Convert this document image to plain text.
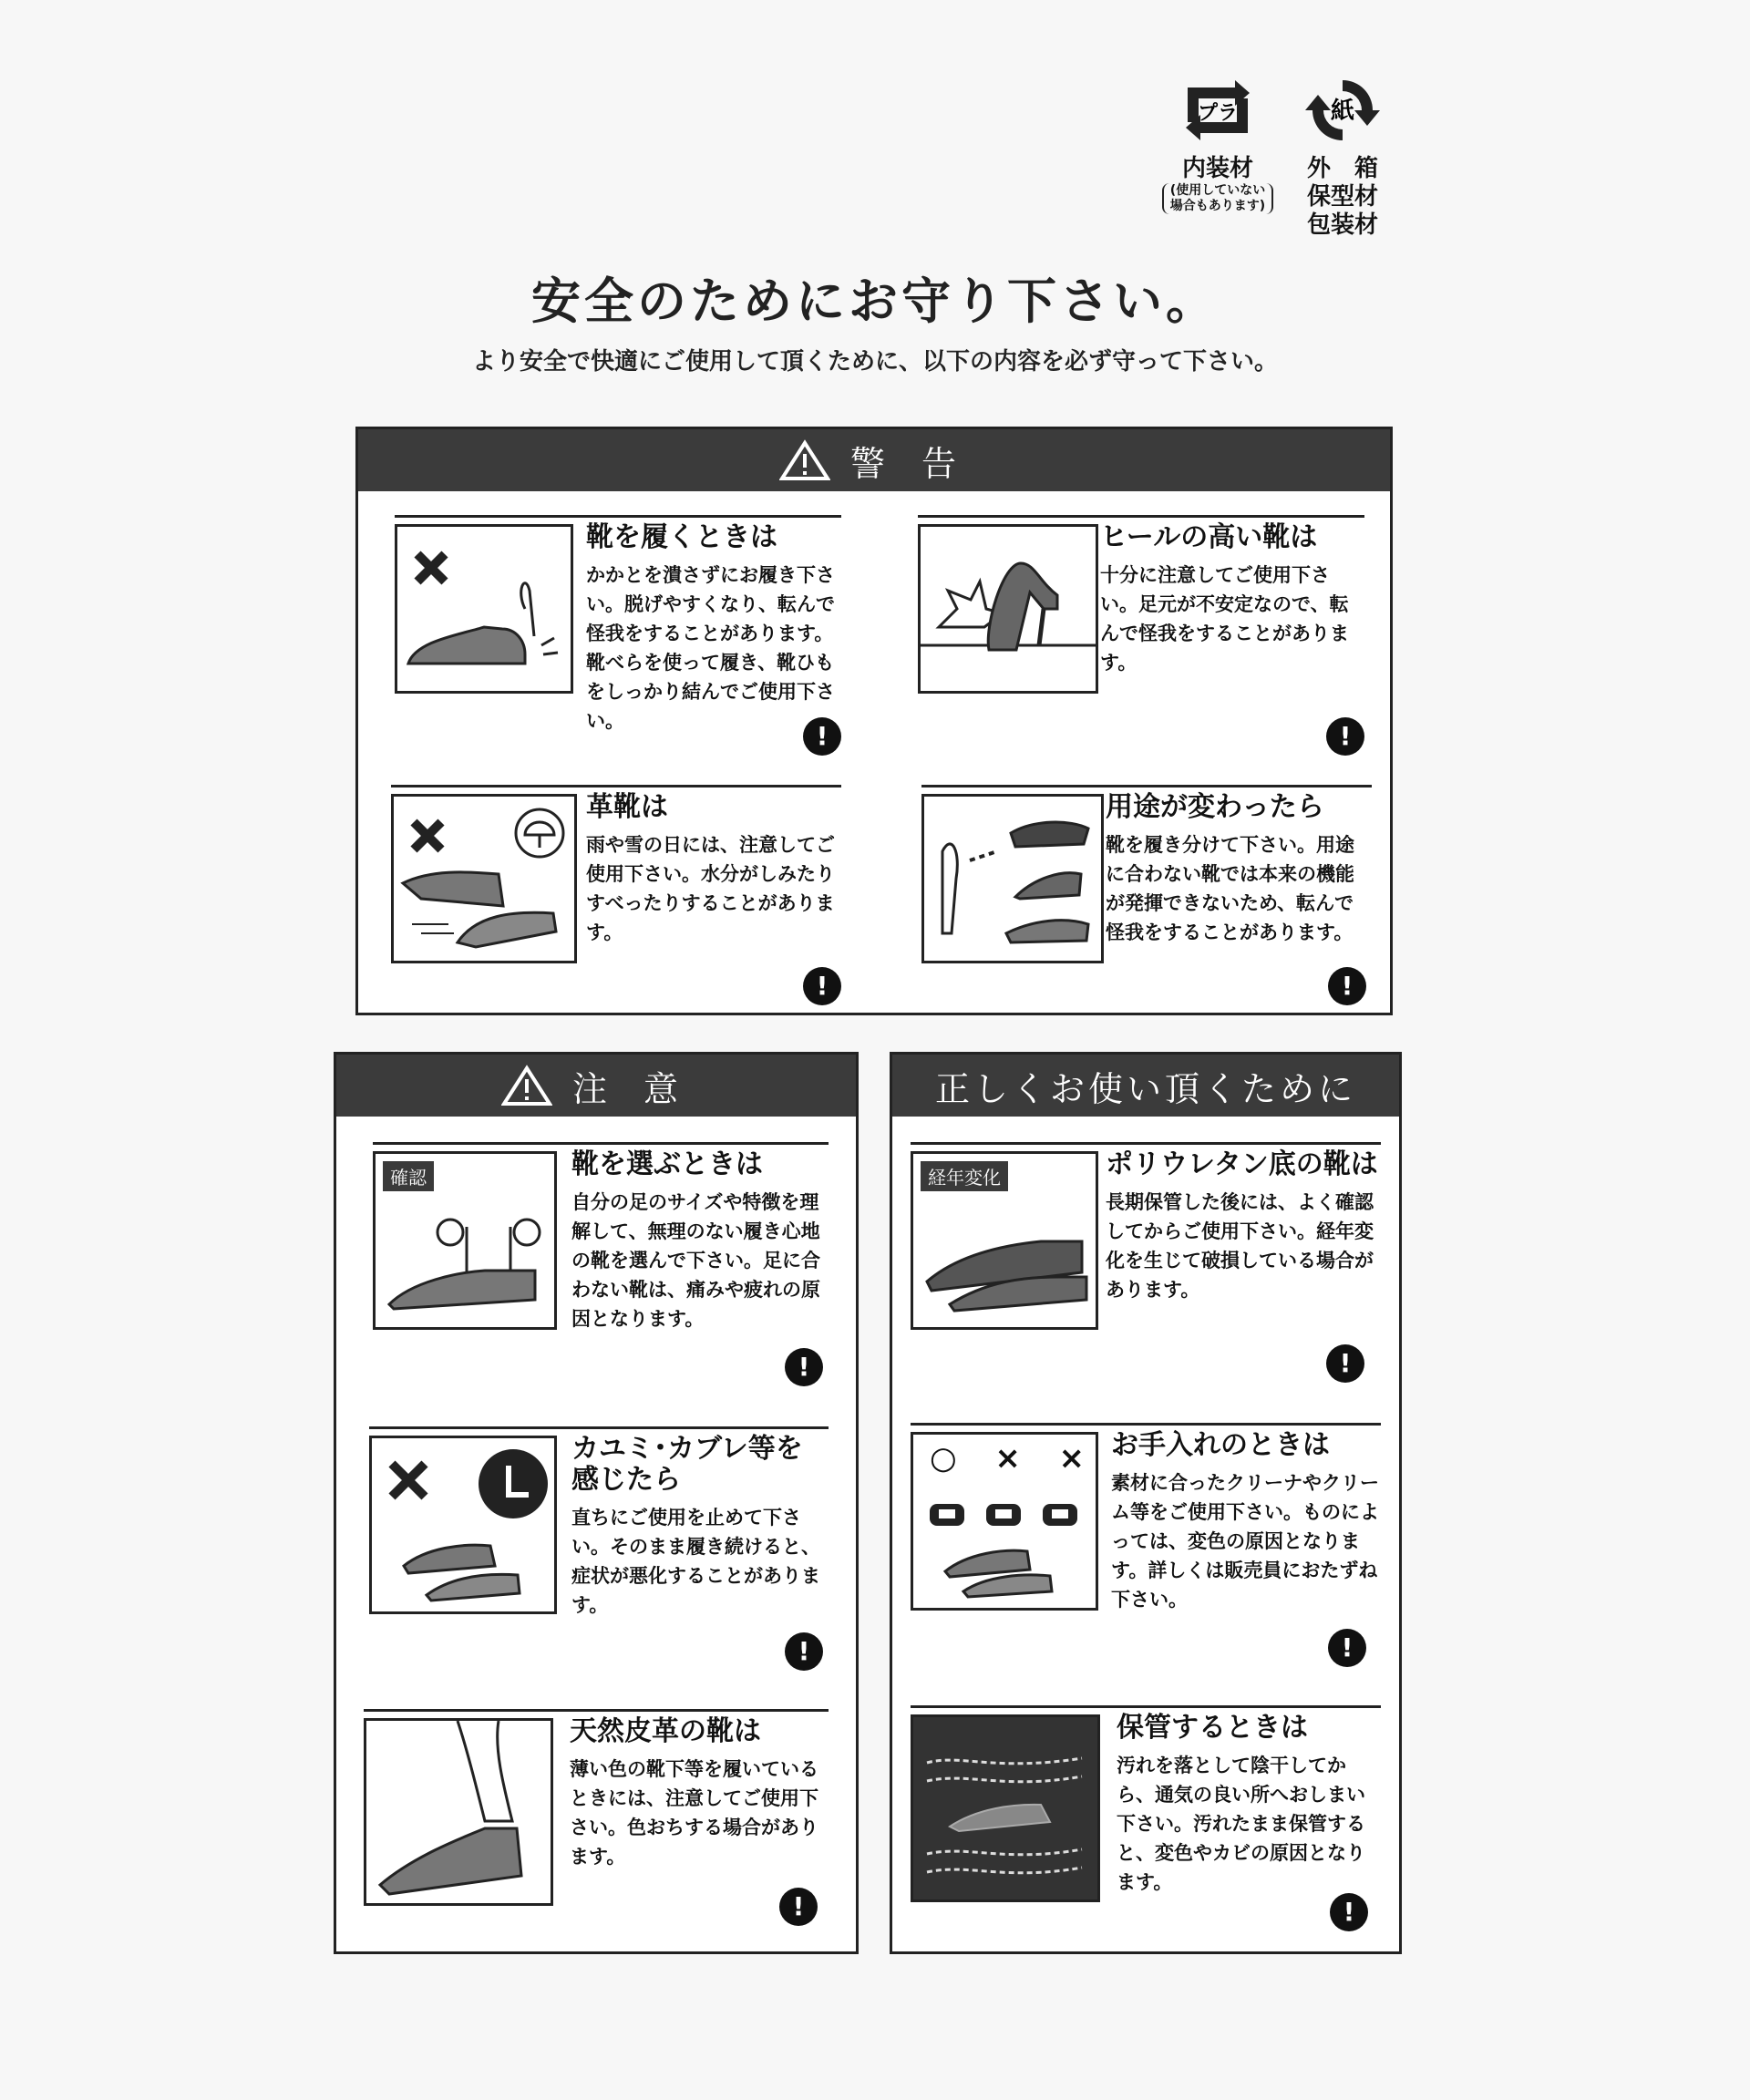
プラ
内装材
(使用していない場合もあります)
紙
外　箱
保型材
包装材
安全のためにお守り下さい。
より安全で快適にご使用して頂くために、以下の内容を必ず守って下さい。
警 告
靴を履くときは
かかとを潰さずにお履き下さい。脱げやすくなり、転んで怪我をすることがあります。靴べらを使って履き、靴ひもをしっかり結んでご使用下さい。	!
ヒールの高い靴は
十分に注意してご使用下さい。足元が不安定なので、転んで怪我をすることがあります。
!
革靴は
雨や雪の日には、注意してご使用下さい。水分がしみたりすべったりすることがあります。
!
用途が変わったら
靴を履き分けて下さい。用途に合わない靴では本来の機能が発揮できないため、転んで怪我をすることがあります。
!
注 意
確認	靴を選ぶときは
自分の足のサイズや特徴を理解して、無理のない履き心地の靴を選んで下さい。足に合わない靴は、痛みや疲れの原因となります。
!
カユミ･カブレ等を感じたら
直ちにご使用を止めて下さい。そのまま履き続けると、症状が悪化することがあります。
!
天然皮革の靴は
薄い色の靴下等を履いているときには、注意してご使用下さい。色おちする場合があります。
!
正しくお使い頂くために
経年変化	ポリウレタン底の靴は
長期保管した後には、よく確認してからご使用下さい。経年変化を生じて破損している場合があります。
!
○ × × お手入れのときは
素材に合ったクリーナやクリーム等をご使用下さい。ものによっては、変色の原因となります。詳しくは販売員におたずね下さい。
!
保管するときは
汚れを落として陰干してから、通気の良い所へおしまい下さい。汚れたまま保管すると、変色やカビの原因となります。
!
